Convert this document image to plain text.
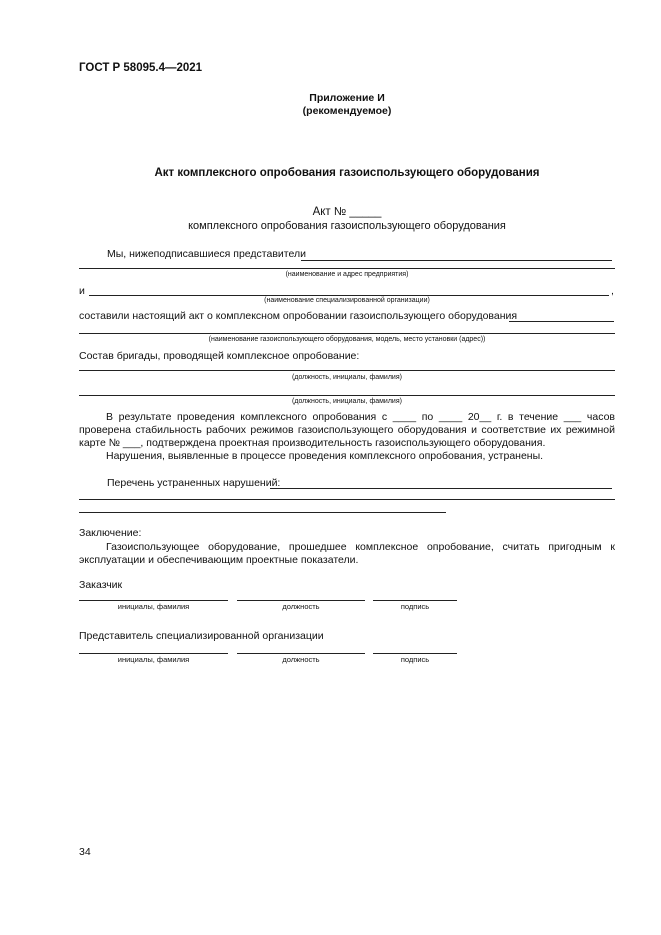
ГОСТ Р 58095.4—2021
Приложение И
(рекомендуемое)
Акт комплексного опробования газоиспользующего оборудования
Акт № _____
комплексного опробования газоиспользующего оборудования
Мы, нижеподписавшиеся представители
(наименование и адрес предприятия)
и	,
(наименование специализированной организации)
составили настоящий акт о комплексном опробовании газоиспользующего оборудования
(наименование газоиспользующего оборудования, модель, место установки (адрес))
Состав бригады, проводящей комплексное опробование:
(должность, инициалы, фамилия)
(должность, инициалы, фамилия)

В результате проведения комплексного опробования с ____ по ____ 20__ г. в течение ___ часов проверена стабильность рабочих режимов газоиспользующего оборудования и соответствие их режимной карте № ___, подтверждена проектная производительность газоиспользующего оборудования.

Нарушения, выявленные в процессе проведения комплексного опробования, устранены.

Перечень устраненных нарушений:
Заключение:

Газоиспользующее оборудование, прошедшее комплексное опробование, считать пригодным к эксплуатации и обеспечивающим проектные показатели.

Заказчик
инициалы, фамилия	должность	подпись
Представитель специализированной организации
инициалы, фамилия	должность	подпись
34
